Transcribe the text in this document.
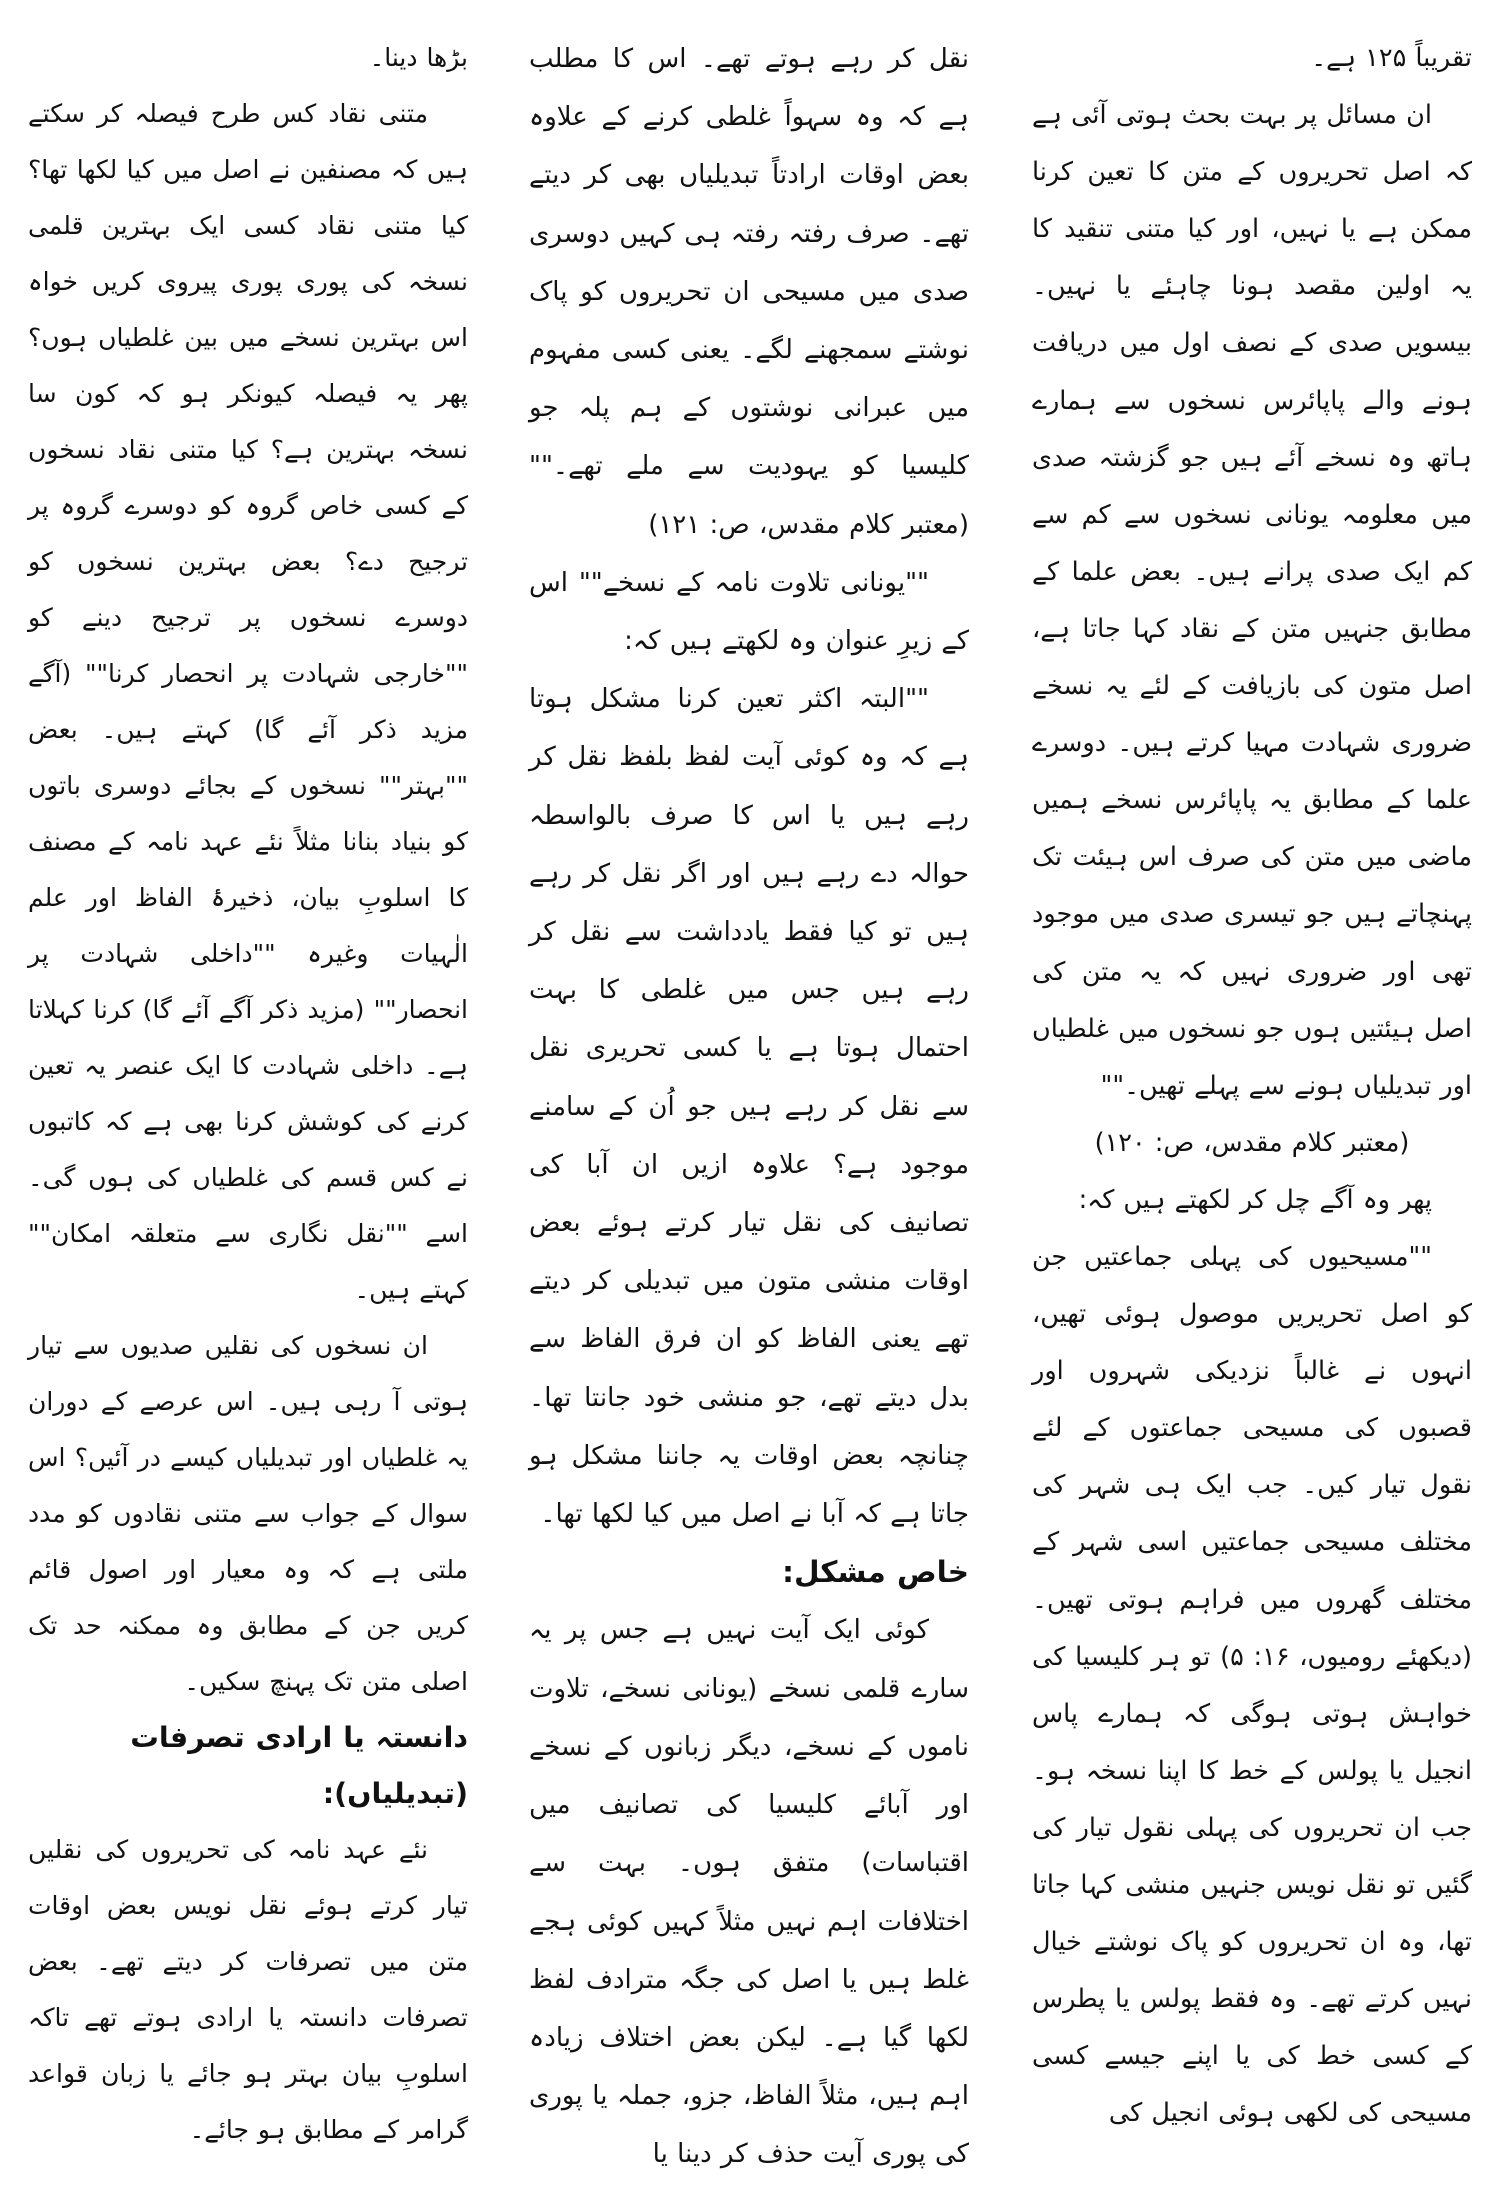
تقریباً ۱۲۵ ہے۔

ان مسائل پر بہت بحث ہوتی آئی ہے کہ اصل تحریروں کے متن کا تعین کرنا ممکن ہے یا نہیں، اور کیا متنی تنقید کا یہ اولین مقصد ہونا چاہئے یا نہیں۔ بیسویں صدی کے نصف اول میں دریافت ہونے والے پاپائرس نسخوں سے ہمارے ہاتھ وہ نسخے آئے ہیں جو گزشتہ صدی میں معلومہ یونانی نسخوں سے کم سے کم ایک صدی پرانے ہیں۔ بعض علما کے مطابق جنہیں متن کے نقاد کہا جاتا ہے، اصل متون کی بازیافت کے لئے یہ نسخے ضروری شہادت مہیا کرتے ہیں۔ دوسرے علما کے مطابق یہ پاپائرس نسخے ہمیں ماضی میں متن کی صرف اس ہیئت تک پہنچاتے ہیں جو تیسری صدی میں موجود تھی اور ضروری نہیں کہ یہ متن کی اصل ہیئتیں ہوں جو نسخوں میں غلطیاں اور تبدیلیاں ہونے سے پہلے تھیں۔""

(معتبر کلام مقدس، ص: ۱۲۰)

پھر وہ آگے چل کر لکھتے ہیں کہ:

""مسیحیوں کی پہلی جماعتیں جن کو اصل تحریریں موصول ہوئی تھیں، انہوں نے غالباً نزدیکی شہروں اور قصبوں کی مسیحی جماعتوں کے لئے نقول تیار کیں۔ جب ایک ہی شہر کی مختلف مسیحی جماعتیں اسی شہر کے مختلف گھروں میں فراہم ہوتی تھیں۔ (دیکھئے رومیوں، ۱۶: ۵) تو ہر کلیسیا کی خواہش ہوتی ہوگی کہ ہمارے پاس انجیل یا پولس کے خط کا اپنا نسخہ ہو۔ جب ان تحریروں کی پہلی نقول تیار کی گئیں تو نقل نویس جنہیں منشی کہا جاتا تھا، وہ ان تحریروں کو پاک نوشتے خیال نہیں کرتے تھے۔ وہ فقط پولس یا پطرس کے کسی خط کی یا اپنے جیسے کسی مسیحی کی لکھی ہوئی انجیل کی

نقل کر رہے ہوتے تھے۔ اس کا مطلب ہے کہ وہ سہواً غلطی کرنے کے علاوہ بعض اوقات ارادتاً تبدیلیاں بھی کر دیتے تھے۔ صرف رفتہ رفتہ ہی کہیں دوسری صدی میں مسیحی ان تحریروں کو پاک نوشتے سمجھنے لگے۔ یعنی کسی مفہوم میں عبرانی نوشتوں کے ہم پلہ جو کلیسیا کو یہودیت سے ملے تھے۔"" (معتبر کلام مقدس، ص: ۱۲۱)

""یونانی تلاوت نامہ کے نسخے"" اس کے زیرِ عنوان وہ لکھتے ہیں کہ:

""البتہ اکثر تعین کرنا مشکل ہوتا ہے کہ وہ کوئی آیت لفظ بلفظ نقل کر رہے ہیں یا اس کا صرف بالواسطہ حوالہ دے رہے ہیں اور اگر نقل کر رہے ہیں تو کیا فقط یادداشت سے نقل کر رہے ہیں جس میں غلطی کا بہت احتمال ہوتا ہے یا کسی تحریری نقل سے نقل کر رہے ہیں جو اُن کے سامنے موجود ہے؟ علاوہ ازیں ان آبا کی تصانیف کی نقل تیار کرتے ہوئے بعض اوقات منشی متون میں تبدیلی کر دیتے تھے یعنی الفاظ کو ان فرق الفاظ سے بدل دیتے تھے، جو منشی خود جانتا تھا۔ چنانچہ بعض اوقات یہ جاننا مشکل ہو جاتا ہے کہ آبا نے اصل میں کیا لکھا تھا۔

خاص مشکل:

کوئی ایک آیت نہیں ہے جس پر یہ سارے قلمی نسخے (یونانی نسخے، تلاوت ناموں کے نسخے، دیگر زبانوں کے نسخے اور آبائے کلیسیا کی تصانیف میں اقتباسات) متفق ہوں۔ بہت سے اختلافات اہم نہیں مثلاً کہیں کوئی ہجے غلط ہیں یا اصل کی جگہ مترادف لفظ لکھا گیا ہے۔ لیکن بعض اختلاف زیادہ اہم ہیں، مثلاً الفاظ، جزو، جملہ یا پوری کی پوری آیت حذف کر دینا یا

بڑھا دینا۔

متنی نقاد کس طرح فیصلہ کر سکتے ہیں کہ مصنفین نے اصل میں کیا لکھا تھا؟ کیا متنی نقاد کسی ایک بہترین قلمی نسخہ کی پوری پوری پیروی کریں خواہ اس بہترین نسخے میں بین غلطیاں ہوں؟ پھر یہ فیصلہ کیونکر ہو کہ کون سا نسخہ بہترین ہے؟ کیا متنی نقاد نسخوں کے کسی خاص گروہ کو دوسرے گروہ پر ترجیح دے؟ بعض بہترین نسخوں کو دوسرے نسخوں پر ترجیح دینے کو ""خارجی شہادت پر انحصار کرنا"" (آگے مزید ذکر آئے گا) کہتے ہیں۔ بعض ""بہتر"" نسخوں کے بجائے دوسری باتوں کو بنیاد بنانا مثلاً نئے عہد نامہ کے مصنف کا اسلوبِ بیان، ذخیرۂ الفاظ اور علم الٰہیات وغیرہ ""داخلی شہادت پر انحصار"" (مزید ذکر آگے آئے گا) کرنا کہلاتا ہے۔ داخلی شہادت کا ایک عنصر یہ تعین کرنے کی کوشش کرنا بھی ہے کہ کاتبوں نے کس قسم کی غلطیاں کی ہوں گی۔ اسے ""نقل نگاری سے متعلقہ امکان"" کہتے ہیں۔

ان نسخوں کی نقلیں صدیوں سے تیار ہوتی آ رہی ہیں۔ اس عرصے کے دوران یہ غلطیاں اور تبدیلیاں کیسے در آئیں؟ اس سوال کے جواب سے متنی نقادوں کو مدد ملتی ہے کہ وہ معیار اور اصول قائم کریں جن کے مطابق وہ ممکنہ حد تک اصلی متن تک پہنچ سکیں۔

دانستہ یا ارادی تصرفات (تبدیلیاں):

نئے عہد نامہ کی تحریروں کی نقلیں تیار کرتے ہوئے نقل نویس بعض اوقات متن میں تصرفات کر دیتے تھے۔ بعض تصرفات دانستہ یا ارادی ہوتے تھے تاکہ اسلوبِ بیان بہتر ہو جائے یا زبان قواعد گرامر کے مطابق ہو جائے۔
